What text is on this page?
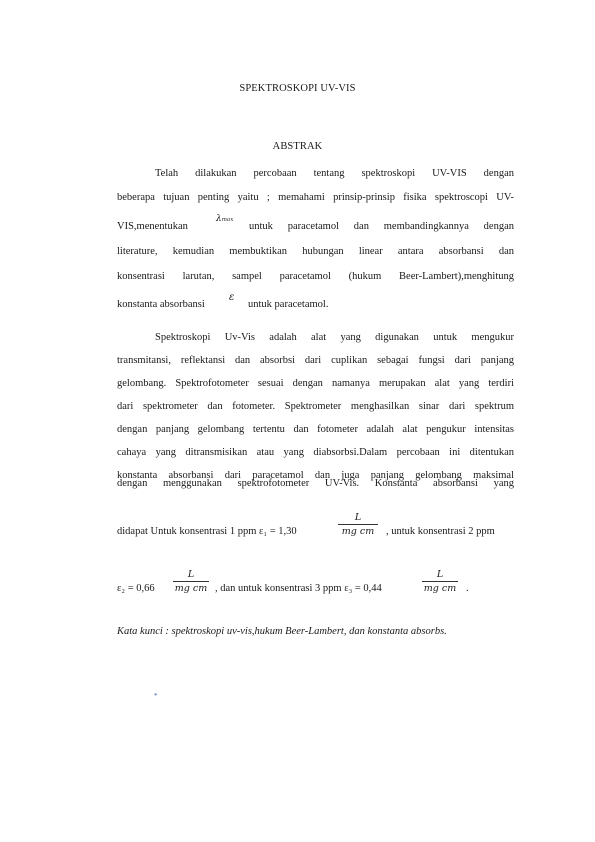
SPEKTROSKOPI UV-VIS
ABSTRAK
Telah dilakukan percobaan tentang spektroskopi UV-VIS dengan
beberapa tujuan penting yaitu ; memahami prinsip-prinsip fisika spektroscopi UV-
VIS,menentukan
λmax
untuk paracetamol dan membandingkannya dengan
literature, kemudian membuktikan hubungan linear antara absorbansi dan
konsentrasi larutan, sampel paracetamol (hukum Beer-Lambert),menghitung
konstanta absorbansi
ε
untuk paracetamol.
Spektroskopi Uv-Vis adalah alat yang digunakan untuk mengukur
transmitansi, reflektansi dan absorbsi dari cuplikan sebagai fungsi dari panjang
gelombang. Spektrofotometer sesuai dengan namanya merupakan alat yang terdiri
dari spektrometer dan fotometer. Spektrometer menghasilkan sinar dari spektrum
dengan panjang gelombang tertentu dan fotometer adalah alat pengukur intensitas
cahaya yang ditransmisikan atau yang diabsorbsi.Dalam percobaan ini ditentukan
konstanta absorbansi dari paracetamol dan juga panjang gelombang maksimal
dengan menggunakan spektrofotometer UV-Vis. Konstanta absorbansi yang
didapat Untuk konsentrasi 1 ppm ε₁ = 1,30
L
mg cm	, untuk konsentrasi 2 ppm
ε₂ = 0,66
L
mg cm , dan untuk konsentrasi 3 ppm ε₃ = 0,44
L
mg cm .
Kata kunci : spektroskopi uv-vis,hukum Beer-Lambert, dan konstanta absorbs.
*
